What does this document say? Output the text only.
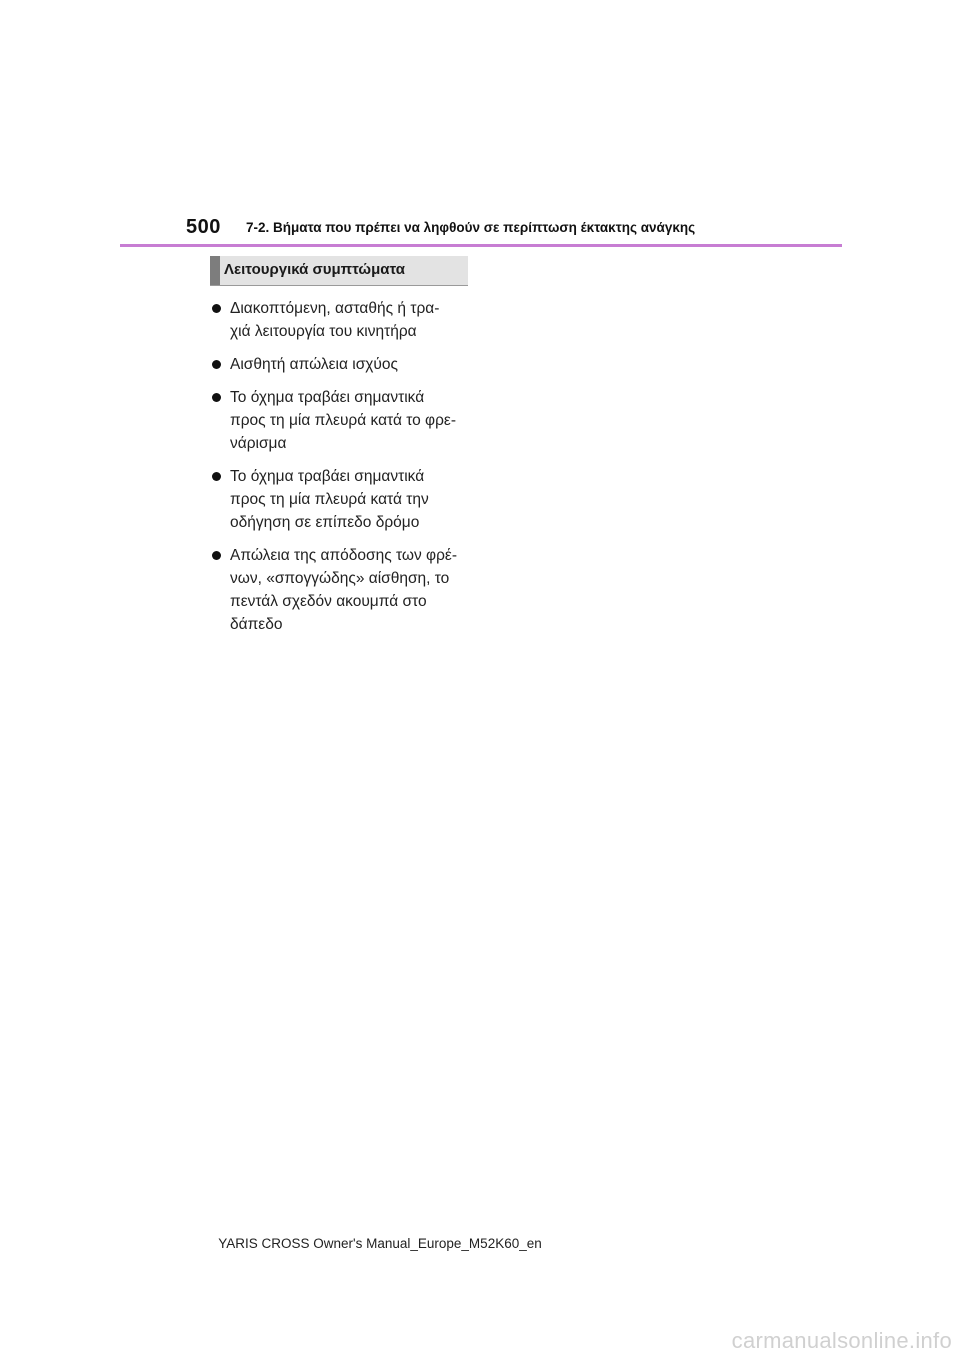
500 7-2. Βήματα που πρέπει να ληφθούν σε περίπτωση έκτακτης ανάγκης
Λειτουργικά συμπτώματα
Διακοπτόμενη, ασταθής ή τρα-
χιά λειτουργία του κινητήρα
Αισθητή απώλεια ισχύος
Το όχημα τραβάει σημαντικά
προς τη μία πλευρά κατά το φρε-
νάρισμα
Το όχημα τραβάει σημαντικά
προς τη μία πλευρά κατά την
οδήγηση σε επίπεδο δρόμο
Απώλεια της απόδοσης των φρέ-
νων, «σπογγώδης» αίσθηση, το
πεντάλ σχεδόν ακουμπά στο
δάπεδο
YARIS CROSS Owner's Manual_Europe_M52K60_en
carmanualsonline.info
